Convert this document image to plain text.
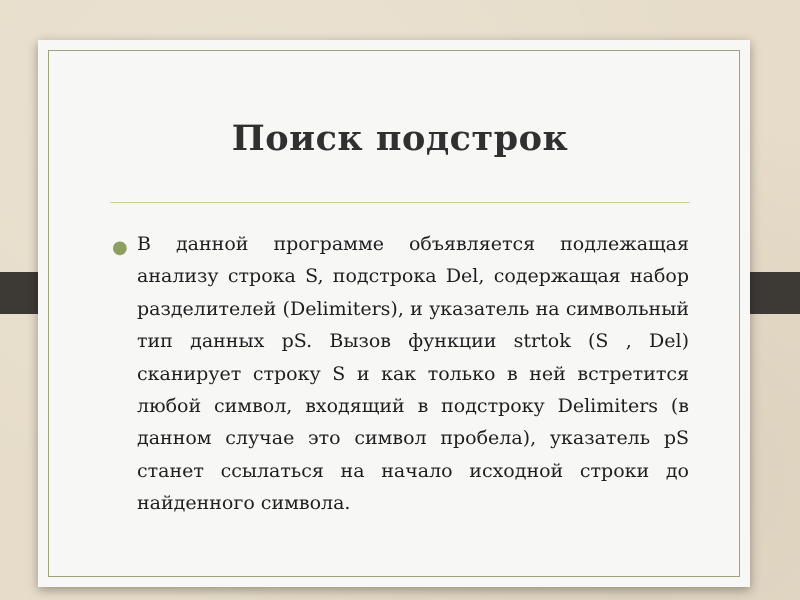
Поиск подстрок
● В данной программе объявляется подлежащая анализу строка S, подстрока Del, содержащая набор разделителей (Delimiters), и указатель на символьный тип данных pS. Вызов функции strtok (S , Del) сканирует строку S и как только в ней встретится любой символ, входящий в подстроку Delimiters (в данном случае это символ пробела), указатель pS станет ссылаться на начало исходной строки до найденного символа.
